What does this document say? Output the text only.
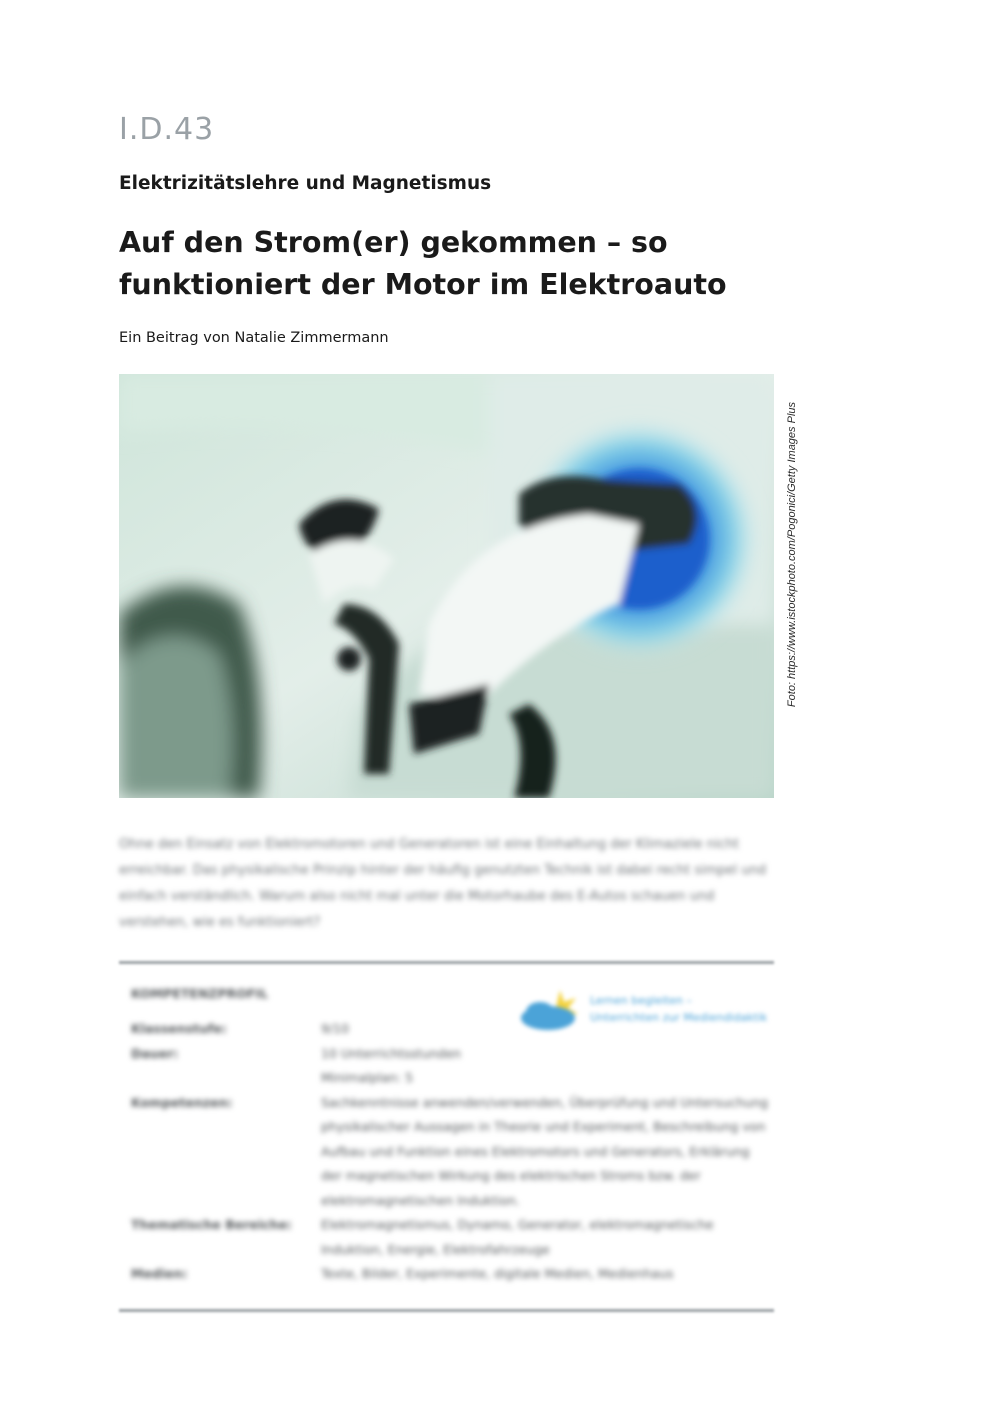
I.D.43
Elektrizitätslehre und Magnetismus
Auf den Strom(er) gekommen – so
funktioniert der Motor im Elektroauto
Ein Beitrag von Natalie Zimmermann
Foto: https://www.istockphoto.com/Pogonici/Getty Images Plus
Ohne den Einsatz von Elektromotoren und Generatoren ist eine Einhaltung der Klimaziele nicht erreichbar. Das physikalische Prinzip hinter der häufig genutzten Technik ist dabei recht simpel und einfach verständlich. Warum also nicht mal unter die Motorhaube des E-Autos schauen und verstehen, wie es funktioniert?
KOMPETENZPROFIL
Klassenstufe:	9/10
Dauer:	10 Unterrichtsstunden
Minimalplan: 5
Kompetenzen:	Sachkenntnisse anwenden/verwenden, Überprüfung und Untersuchung physikalischer Aussagen in Theorie und Experiment, Beschreibung von Aufbau und Funktion eines Elektromotors und Generators, Erklärung der magnetischen Wirkung des elektrischen Stroms bzw. der elektromagnetischen Induktion.
Thematische Bereiche:	Elektromagnetismus, Dynamo, Generator, elektromagnetische Induktion, Energie, Elektrofahrzeuge
Medien:	Texte, Bilder, Experimente, digitale Medien, Medienhaus
Lernen begleiten –
Unterrichten zur Mediendidaktik
